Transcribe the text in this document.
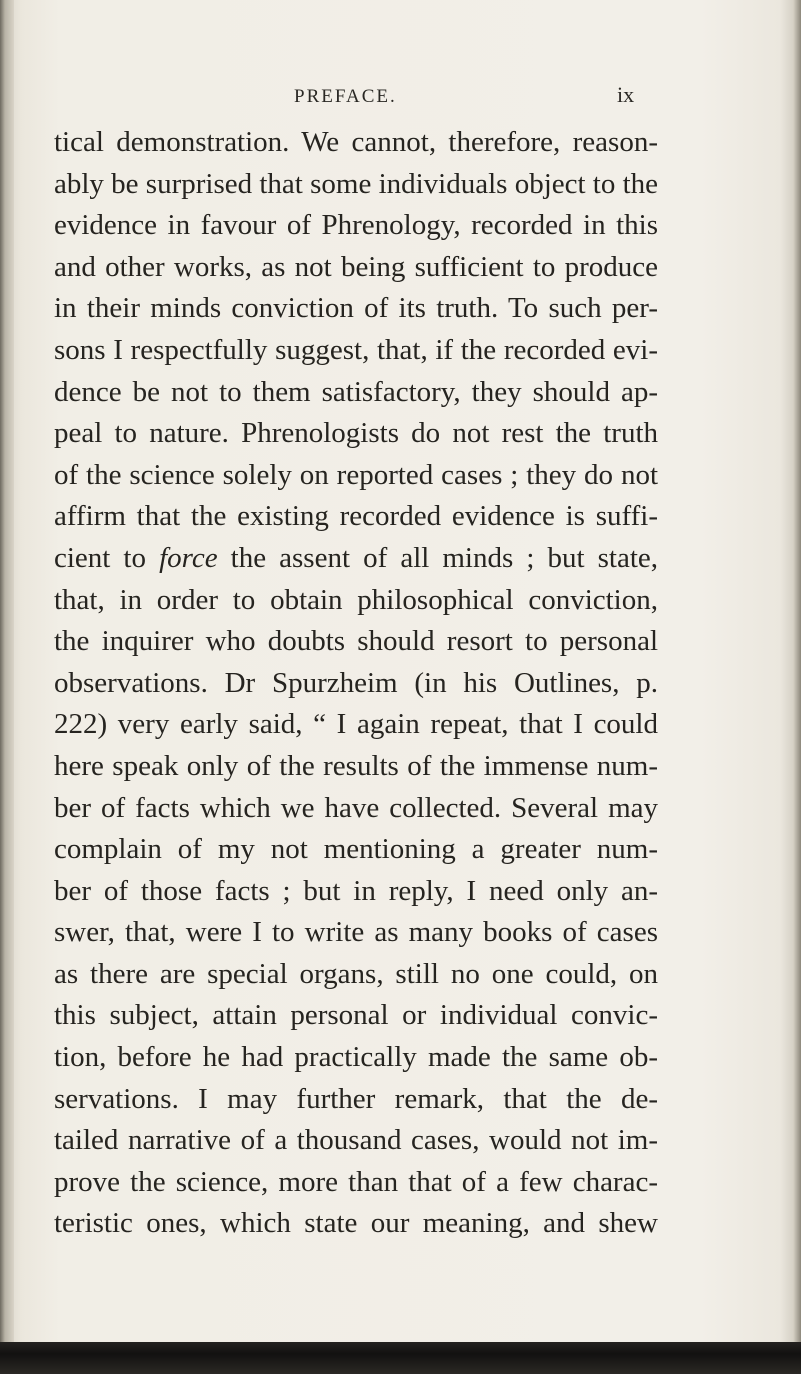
PREFACE.	ix
tical demonstration. We cannot, therefore, reason-
ably be surprised that some individuals object to the
evidence in favour of Phrenology, recorded in this
and other works, as not being sufficient to produce
in their minds conviction of its truth. To such per-
sons I respectfully suggest, that, if the recorded evi-
dence be not to them satisfactory, they should ap-
peal to nature. Phrenologists do not rest the truth
of the science solely on reported cases ; they do not
affirm that the existing recorded evidence is suffi-
cient to force the assent of all minds ; but state,
that, in order to obtain philosophical conviction,
the inquirer who doubts should resort to personal
observations. Dr Spurzheim (in his Outlines, p.
222) very early said, “ I again repeat, that I could
here speak only of the results of the immense num-
ber of facts which we have collected. Several may
complain of my not mentioning a greater num-
ber of those facts ; but in reply, I need only an-
swer, that, were I to write as many books of cases
as there are special organs, still no one could, on
this subject, attain personal or individual convic-
tion, before he had practically made the same ob-
servations. I may further remark, that the de-
tailed narrative of a thousand cases, would not im-
prove the science, more than that of a few charac-
teristic ones, which state our meaning, and shew
